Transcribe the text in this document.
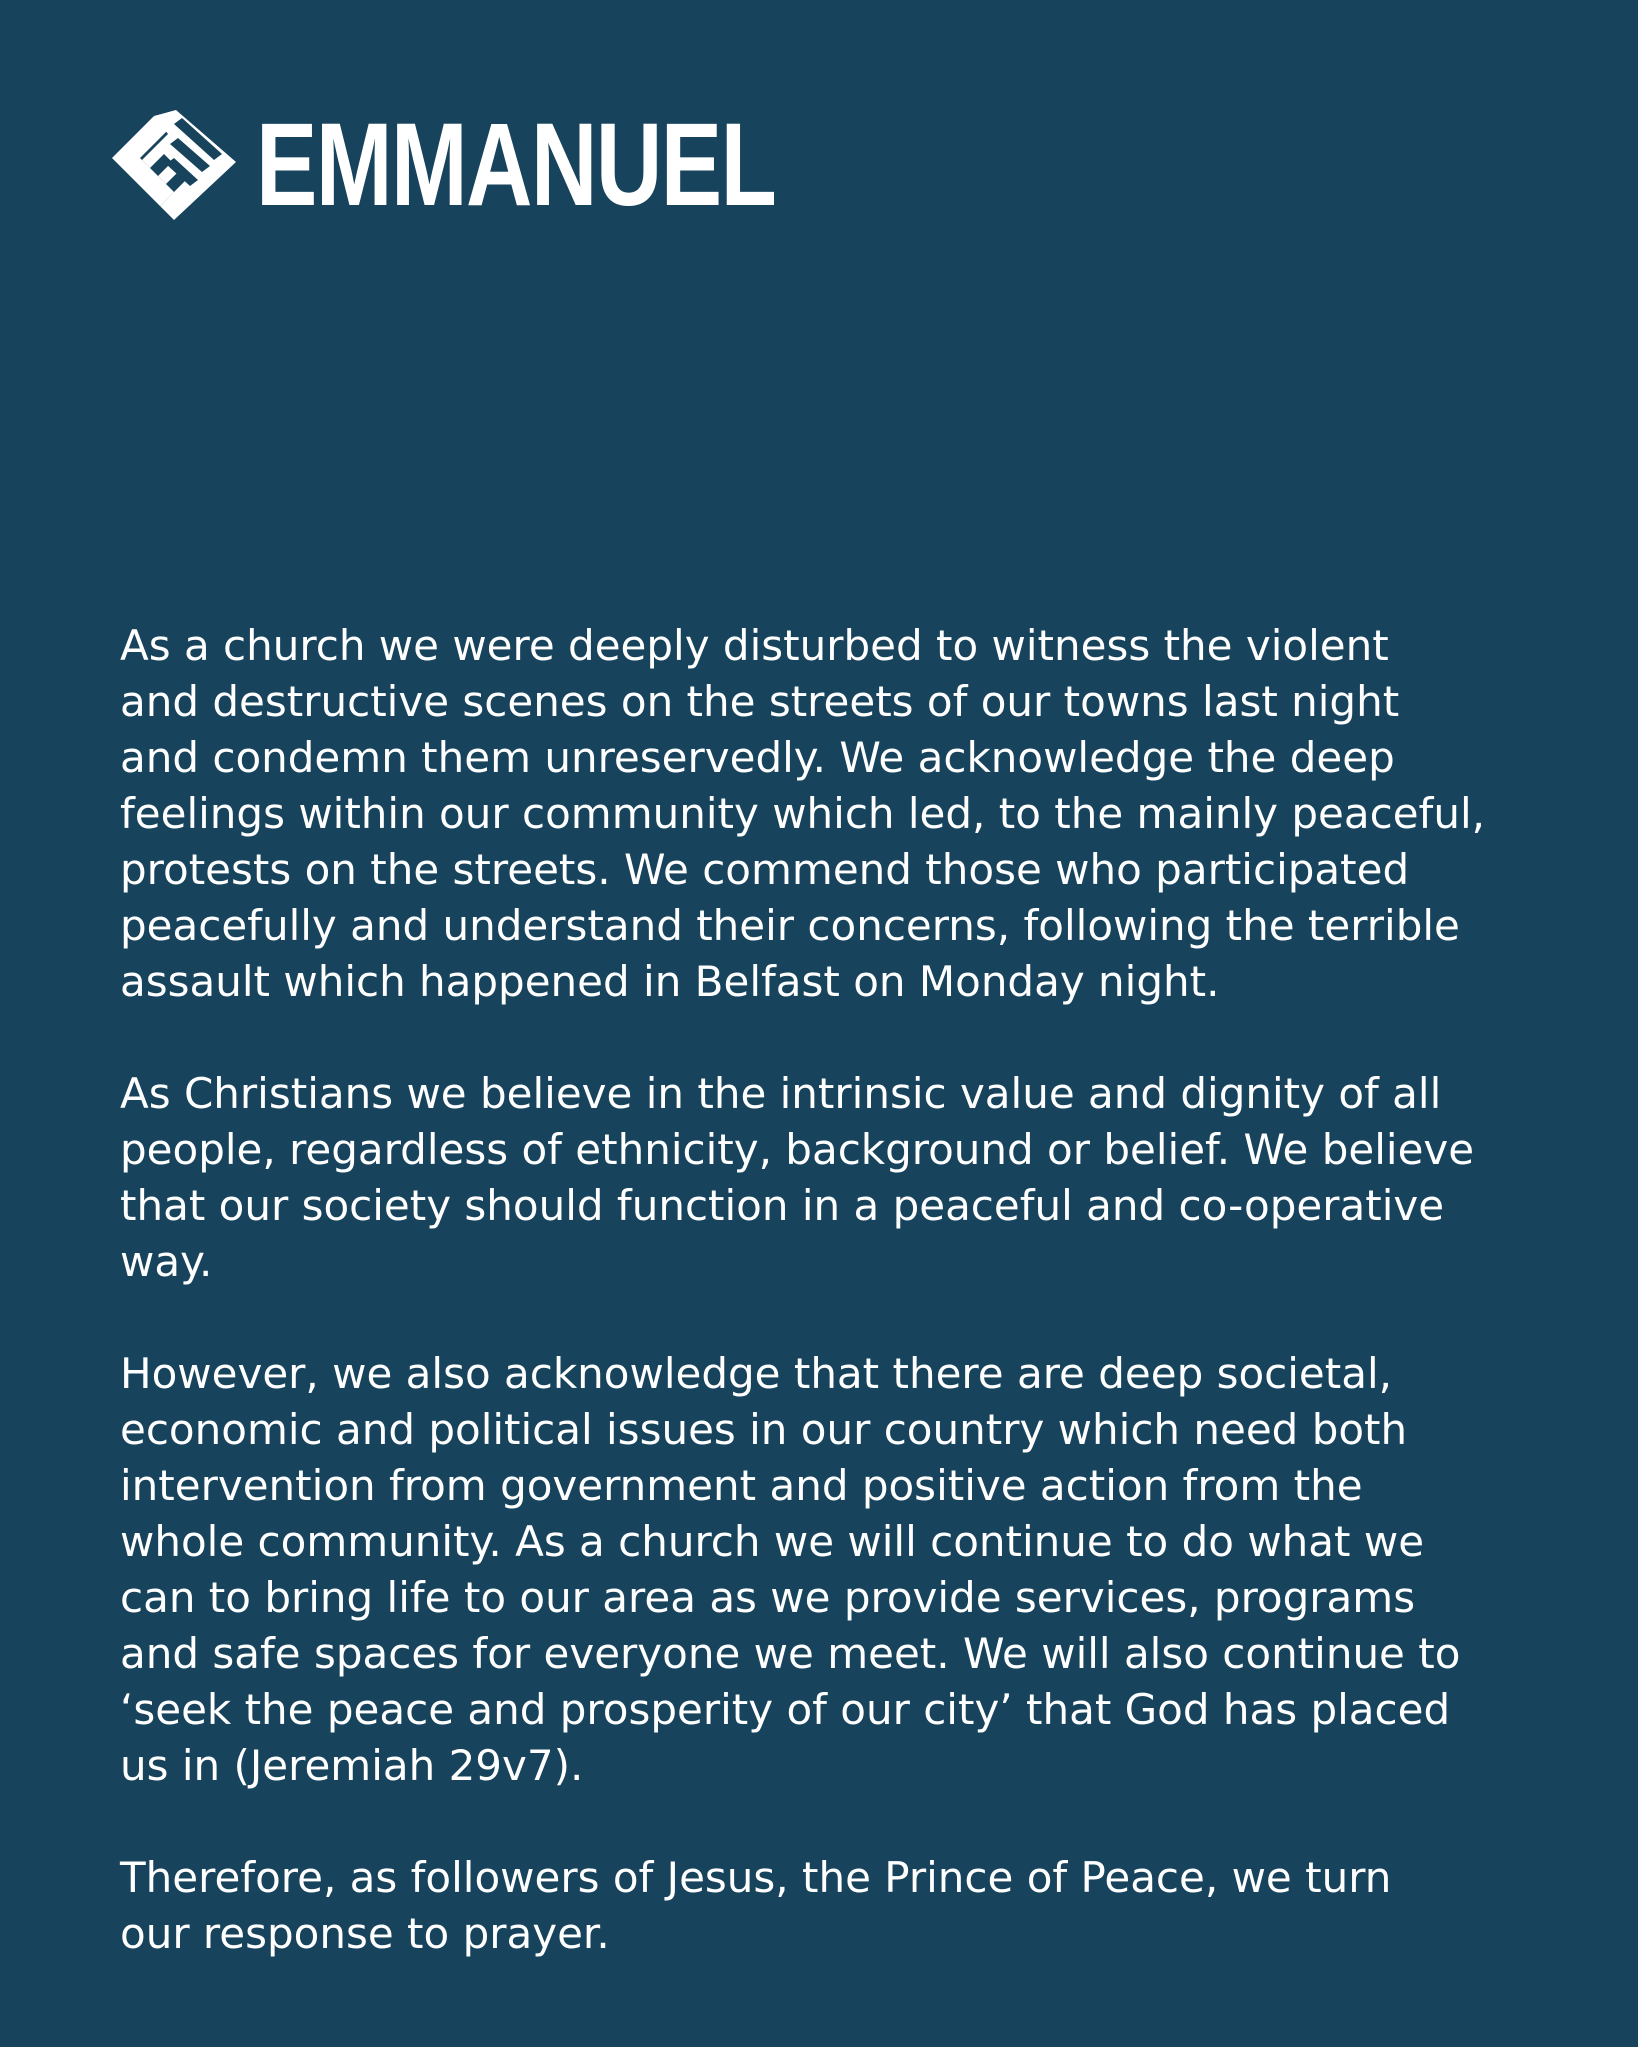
EMMANUEL
As a church we were deeply disturbed to witness the violent
and destructive scenes on the streets of our towns last night
and condemn them unreservedly. We acknowledge the deep
feelings within our community which led, to the mainly peaceful,
protests on the streets. We commend those who participated
peacefully and understand their concerns, following the terrible
assault which happened in Belfast on Monday night.
As Christians we believe in the intrinsic value and dignity of all
people, regardless of ethnicity, background or belief. We believe
that our society should function in a peaceful and co-operative
way.
However, we also acknowledge that there are deep societal,
economic and political issues in our country which need both
intervention from government and positive action from the
whole community. As a church we will continue to do what we
can to bring life to our area as we provide services, programs
and safe spaces for everyone we meet. We will also continue to
‘seek the peace and prosperity of our city’ that God has placed
us in (Jeremiah 29v7).
Therefore, as followers of Jesus, the Prince of Peace, we turn
our response to prayer.
